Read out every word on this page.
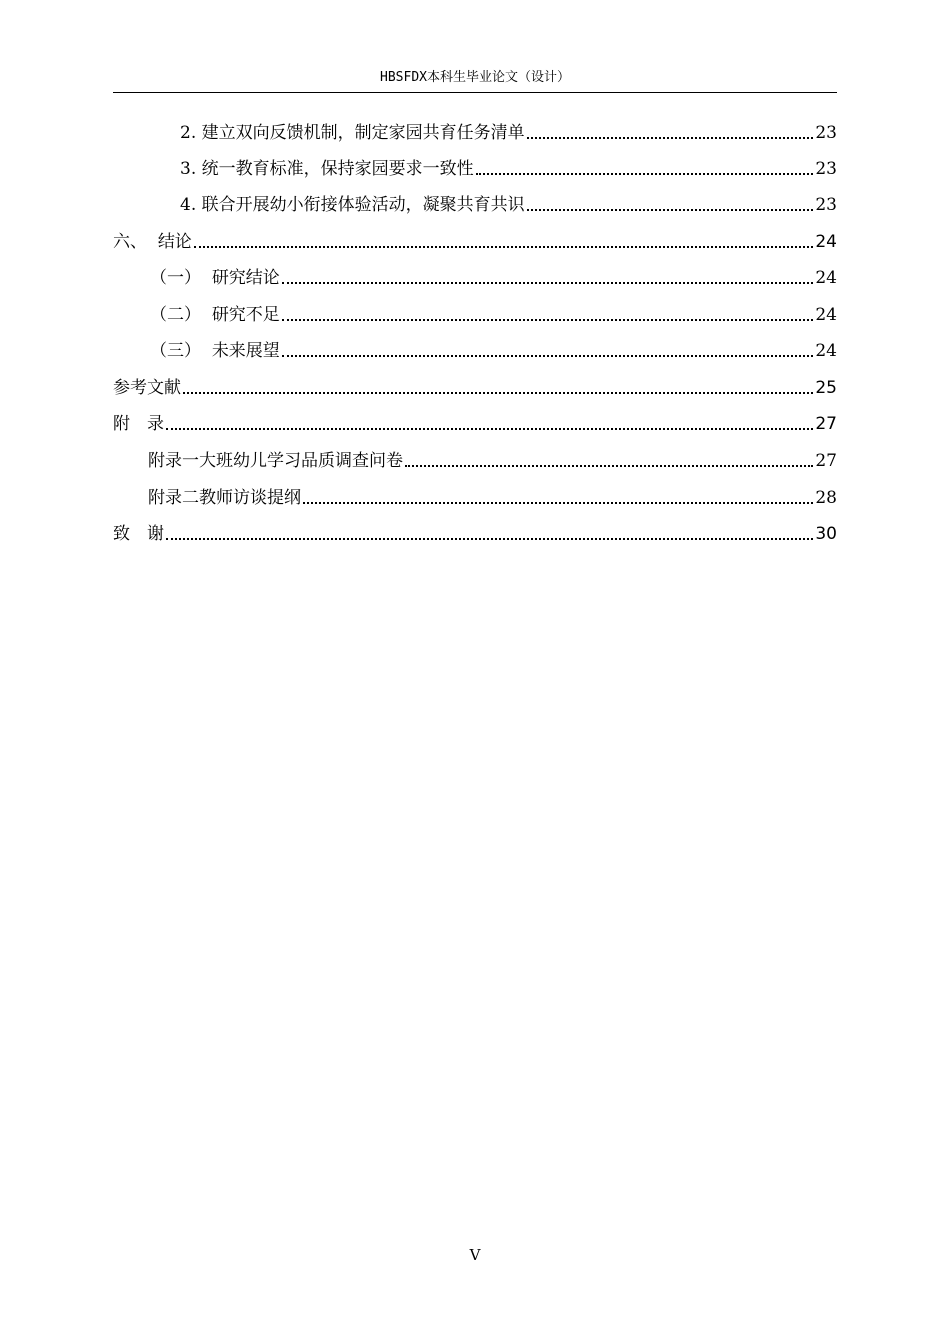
HBSFDX本科生毕业论文（设计）
2. 建立双向反馈机制，制定家园共育任务清单	23
3. 统一教育标准，保持家园要求一致性	23
4. 联合开展幼小衔接体验活动，凝聚共育共识	23
六、 结论	24
（一） 研究结论	24
（二） 研究不足	24
（三） 未来展望	24
参考文献	25
附　录	27
附录一大班幼儿学习品质调查问卷	27
附录二教师访谈提纲	28
致　谢	30
V
